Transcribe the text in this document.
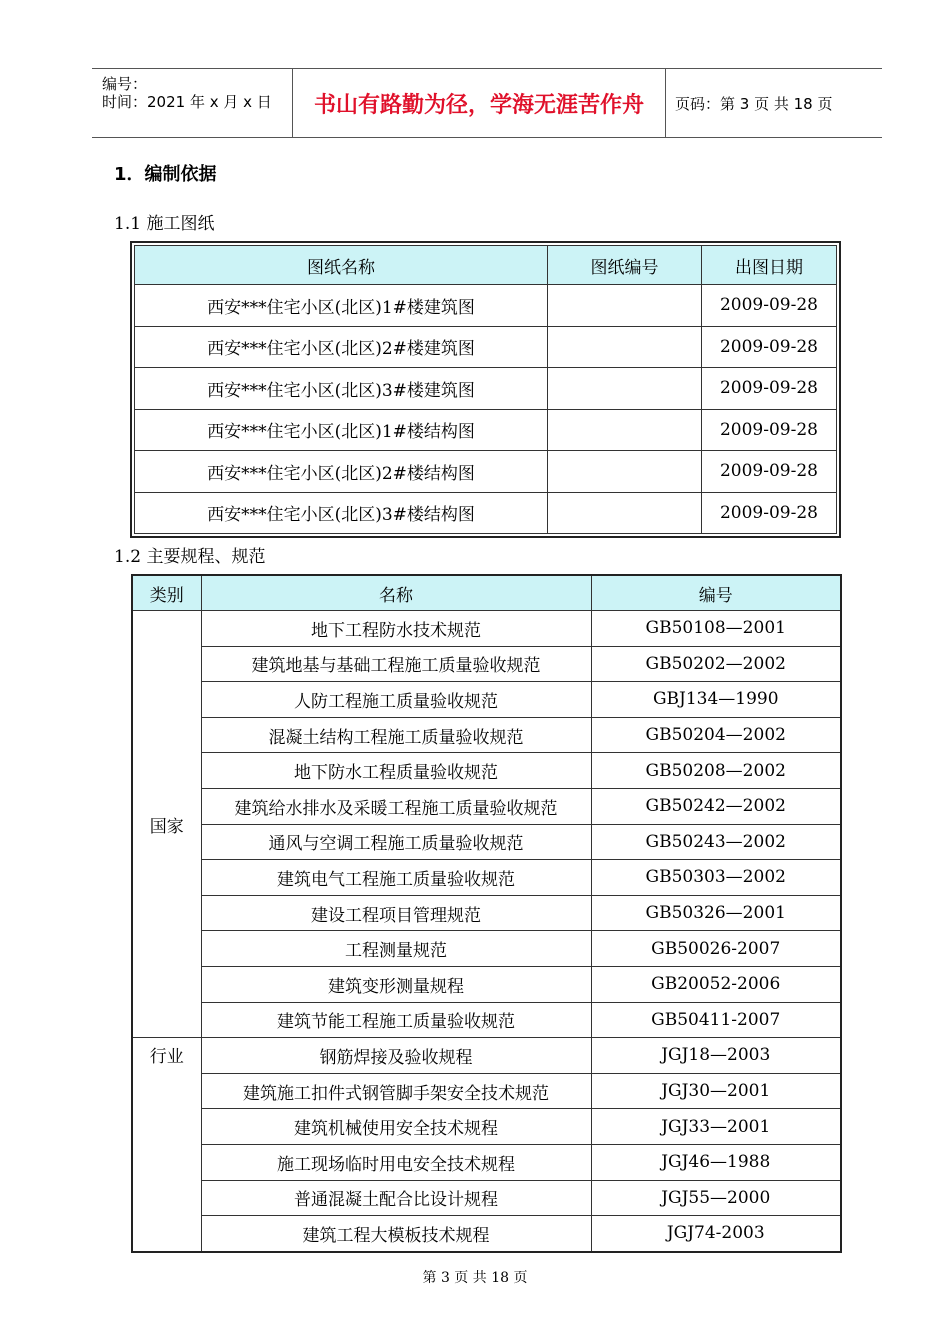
编号：
时间：2021 年 x 月 x 日 书山有路勤为径，学海无涯苦作舟 页码：第 3 页 共 18 页
1．编制依据
1.1 施工图纸
图纸名称	图纸编号	出图日期
西安***住宅小区(北区)1#楼建筑图		2009-09-28
西安***住宅小区(北区)2#楼建筑图		2009-09-28
西安***住宅小区(北区)3#楼建筑图		2009-09-28
西安***住宅小区(北区)1#楼结构图		2009-09-28
西安***住宅小区(北区)2#楼结构图		2009-09-28
西安***住宅小区(北区)3#楼结构图		2009-09-28
1.2 主要规程、规范
类别	名称	编号
国家	地下工程防水技术规范	GB50108—2001
	建筑地基与基础工程施工质量验收规范	GB50202—2002
	人防工程施工质量验收规范	GBJ134—1990
	混凝土结构工程施工质量验收规范	GB50204—2002
	地下防水工程质量验收规范	GB50208—2002
	建筑给水排水及采暖工程施工质量验收规范	GB50242—2002
	通风与空调工程施工质量验收规范	GB50243—2002
	建筑电气工程施工质量验收规范	GB50303—2002
	建设工程项目管理规范	GB50326—2001
	工程测量规范	GB50026-2007
	建筑变形测量规程	GB20052-2006
	建筑节能工程施工质量验收规范	GB50411-2007
行业	钢筋焊接及验收规程	JGJ18—2003
	建筑施工扣件式钢管脚手架安全技术规范	JGJ30—2001
	建筑机械使用安全技术规程	JGJ33—2001
	施工现场临时用电安全技术规程	JGJ46—1988
	普通混凝土配合比设计规程	JGJ55—2000
	建筑工程大模板技术规程	JGJ74-2003
第 3 页 共 18 页
